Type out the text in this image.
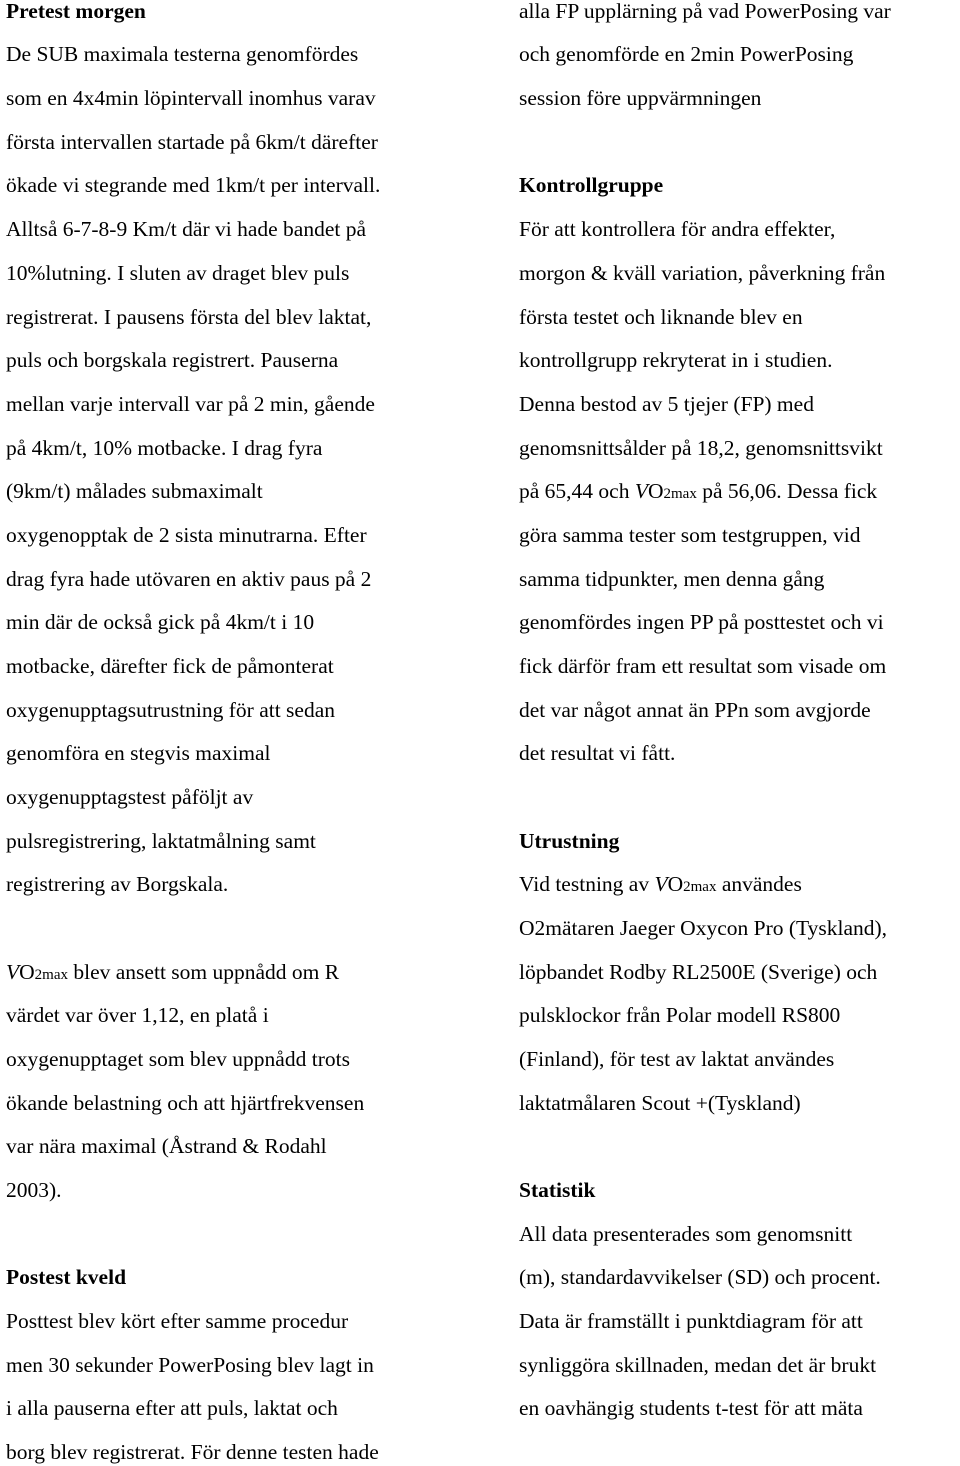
Pretest morgen
De SUB maximala testerna genomfördes
som en 4x4min löpintervall inomhus varav
första intervallen startade på 6km/t därefter
ökade vi stegrande med 1km/t per intervall.
Alltså 6-7-8-9 Km/t där vi hade bandet på
10%lutning. I sluten av draget blev puls
registrerat. I pausens första del blev laktat,
puls och borgskala registrert. Pauserna
mellan varje intervall var på 2 min, gående
på 4km/t, 10% motbacke. I drag fyra
(9km/t) målades submaximalt
oxygenopptak de 2 sista minutrarna. Efter
drag fyra hade utövaren en aktiv paus på 2
min där de också gick på 4km/t i 10
motbacke, därefter fick de påmonterat
oxygenupptagsutrustning för att sedan
genomföra en stegvis maximal
oxygenupptagstest påföljt av
pulsregistrering, laktatmålning samt
registrering av Borgskala.
VO2max blev ansett som uppnådd om R
värdet var över 1,12, en platå i
oxygenupptaget som blev uppnådd trots
ökande belastning och att hjärtfrekvensen
var nära maximal (Åstrand & Rodahl
2003).
Postest kveld
Posttest blev kört efter samme procedur
men 30 sekunder PowerPosing blev lagt in
i alla pauserna efter att puls, laktat och
borg blev registrerat. För denne testen hade
alla FP upplärning på vad PowerPosing var
och genomförde en 2min PowerPosing
session före uppvärmningen
Kontrollgruppe
För att kontrollera för andra effekter,
morgon & kväll variation, påverkning från
första testet och liknande blev en
kontrollgrupp rekryterat in i studien.
Denna bestod av 5 tjejer (FP) med
genomsnittsålder på 18,2, genomsnittsvikt
på 65,44 och VO2max på 56,06. Dessa fick
göra samma tester som testgruppen, vid
samma tidpunkter, men denna gång
genomfördes ingen PP på posttestet och vi
fick därför fram ett resultat som visade om
det var något annat än PPn som avgjorde
det resultat vi fått.
Utrustning
Vid testning av VO2max användes
O2mätaren Jaeger Oxycon Pro (Tyskland),
löpbandet Rodby RL2500E (Sverige) och
pulsklockor från Polar modell RS800
(Finland), för test av laktat användes
laktatmålaren Scout +(Tyskland)
Statistik
All data presenterades som genomsnitt
(m), standardavvikelser (SD) och procent.
Data är framställt i punktdiagram för att
synliggöra skillnaden, medan det är brukt
en oavhängig students t-test för att mäta
